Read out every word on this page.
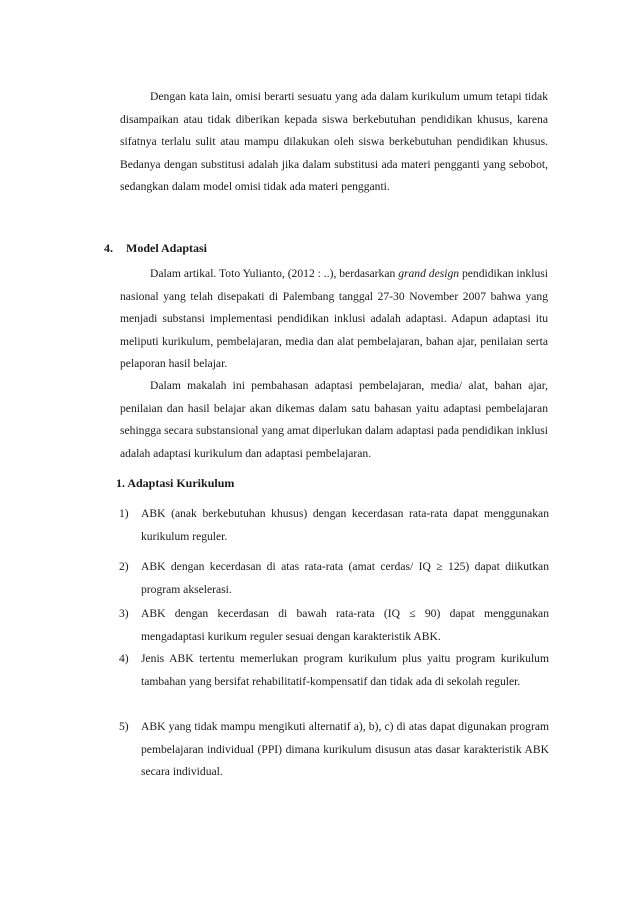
Dengan kata lain, omisi berarti sesuatu yang ada dalam kurikulum umum tetapi tidak disampaikan atau tidak diberikan kepada siswa berkebutuhan pendidikan khusus, karena sifatnya terlalu sulit atau mampu dilakukan oleh siswa berkebutuhan pendidikan khusus. Bedanya dengan substitusi adalah jika dalam substitusi ada materi pengganti yang sebobot, sedangkan dalam model omisi tidak ada materi pengganti.

4. Model Adaptasi

Dalam artikal. Toto Yulianto, (2012 : ..), berdasarkan grand design pendidikan inklusi nasional yang telah disepakati di Palembang tanggal 27-30 November 2007 bahwa yang menjadi substansi implementasi pendidikan inklusi adalah adaptasi. Adapun adaptasi itu meliputi kurikulum, pembelajaran, media dan alat pembelajaran, bahan ajar, penilaian serta pelaporan hasil belajar.

Dalam makalah ini pembahasan adaptasi pembelajaran, media/ alat, bahan ajar, penilaian dan hasil belajar akan dikemas dalam satu bahasan yaitu adaptasi pembelajaran sehingga secara substansional yang amat diperlukan dalam adaptasi pada pendidikan inklusi adalah adaptasi kurikulum dan adaptasi pembelajaran.

1. Adaptasi Kurikulum
1)	ABK (anak berkebutuhan khusus) dengan kecerdasan rata-rata dapat menggunakan kurikulum reguler.
2)	ABK dengan kecerdasan di atas rata-rata (amat cerdas/ IQ ≥ 125) dapat diikutkan program akselerasi.
3)	ABK dengan kecerdasan di bawah rata-rata (IQ ≤ 90) dapat menggunakan mengadaptasi kurikum reguler sesuai dengan karakteristik ABK.
4)	Jenis ABK tertentu memerlukan program kurikulum plus yaitu program kurikulum tambahan yang bersifat rehabilitatif-kompensatif dan tidak ada di sekolah reguler.
5)	ABK yang tidak mampu mengikuti alternatif a), b), c) di atas dapat digunakan program pembelajaran individual (PPI) dimana kurikulum disusun atas dasar karakteristik ABK secara individual.
